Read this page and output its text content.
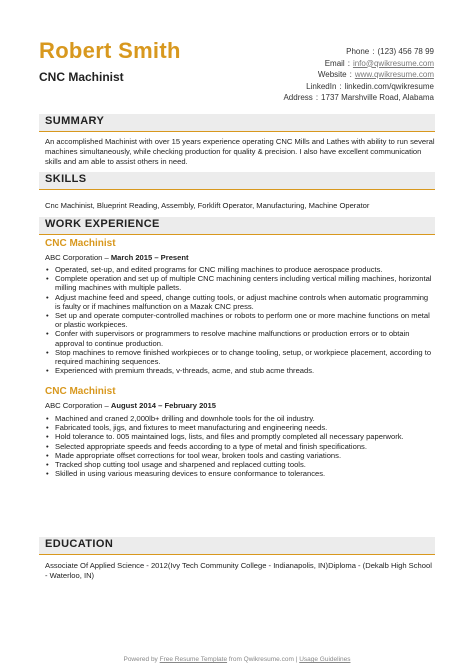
Robert Smith
CNC Machinist
Phone : (123) 456 78 99
Email : info@qwikresume.com
Website : www.qwikresume.com
LinkedIn : linkedin.com/qwikresume
Address : 1737 Marshville Road, Alabama
SUMMARY
An accomplished Machinist with over 15 years experience operating CNC Mills and Lathes with ability to run several machines simultaneously, while checking production for quality & precision. I also have excellent communication skills and am able to assist others in need.
SKILLS
Cnc Machinist, Blueprint Reading, Assembly, Forklift Operator, Manufacturing, Machine Operator
WORK EXPERIENCE
CNC Machinist
ABC Corporation – March 2015 – Present
• Operated, set-up, and edited programs for CNC milling machines to produce aerospace products.
• Complete operation and set up of multiple CNC machining centers including vertical milling machines, horizontal milling machines with multiple pallets.
• Adjust machine feed and speed, change cutting tools, or adjust machine controls when automatic programming is faulty or if machines malfunction on a Mazak CNC press.
• Set up and operate computer-controlled machines or robots to perform one or more machine functions on metal or plastic workpieces.
• Confer with supervisors or programmers to resolve machine malfunctions or production errors or to obtain approval to continue production.
• Stop machines to remove finished workpieces or to change tooling, setup, or workpiece placement, according to required machining sequences.
• Experienced with premium threads, v-threads, acme, and stub acme threads.
CNC Machinist
ABC Corporation – August 2014 – February 2015
• Machined and craned 2,000lb+ drilling and downhole tools for the oil industry.
• Fabricated tools, jigs, and fixtures to meet manufacturing and engineering needs.
• Hold tolerance to. 005 maintained logs, lists, and files and promptly completed all necessary paperwork.
• Selected appropriate speeds and feeds according to a type of metal and finish specifications.
• Made appropriate offset corrections for tool wear, broken tools and casting variations.
• Tracked shop cutting tool usage and sharpened and replaced cutting tools.
• Skilled in using various measuring devices to ensure conformance to tolerances.
EDUCATION
Associate Of Applied Science - 2012(Ivy Tech Community College - Indianapolis, IN)Diploma - (Dekalb High School - Waterloo, IN)
Powered by Free Resume Template from Qwikresume.com | Usage Guidelines
